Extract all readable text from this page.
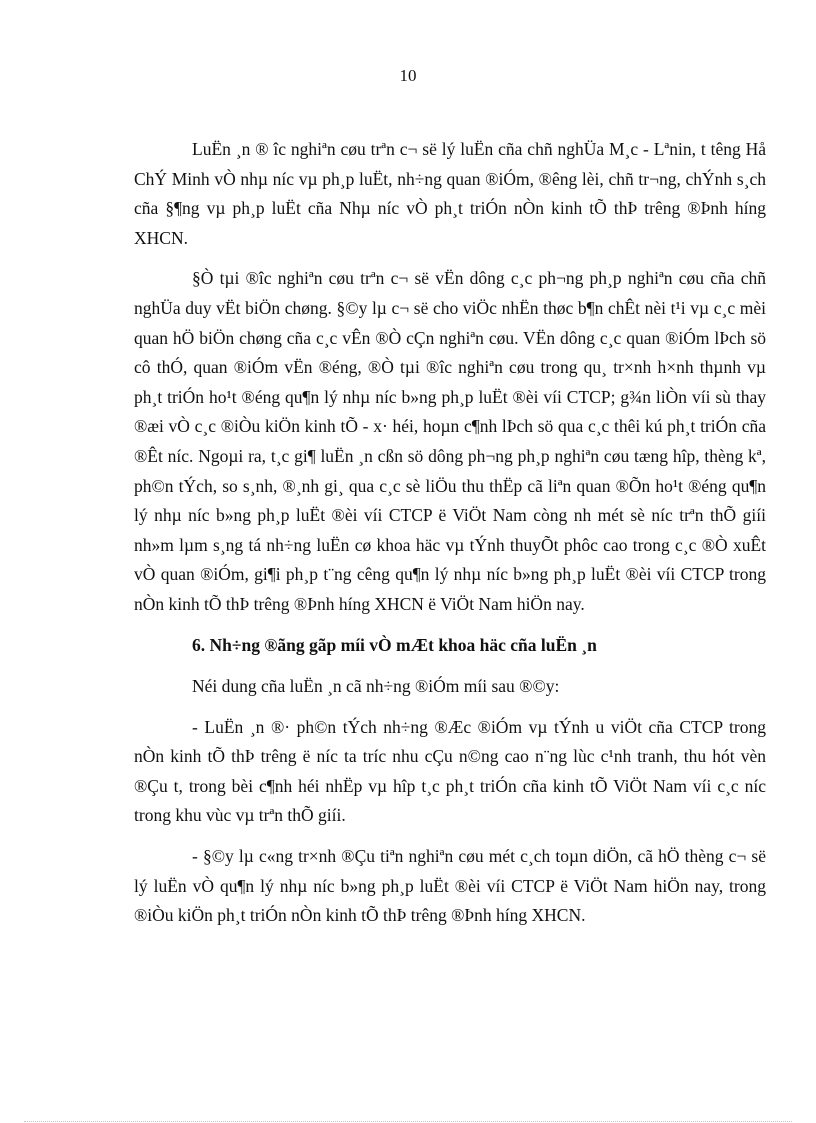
10

LuËn ¸n ® îc nghiªn cøu trªn c¬ së lý luËn cña chñ nghÜa M¸c - Lªnin, t têng Hå ChÝ Minh vÒ nhµ níc vµ ph¸p luËt, nh÷ng quan ®iÓm, ®êng lèi, chñ tr¬ng, chÝnh s¸ch cña §¶ng vµ ph¸p luËt cña Nhµ níc vÒ ph¸t triÓn nÒn kinh tÕ thÞ trêng ®Þnh híng XHCN.

§Ò tµi ®îc nghiªn cøu trªn c¬ së vËn dông c¸c ph¬ng ph¸p nghiªn cøu cña chñ nghÜa duy vËt biÖn chøng. §©y lµ c¬ së cho viÖc nhËn thøc b¶n chÊt nèi t¹i vµ c¸c mèi quan hÖ biÖn chøng cña c¸c vÊn ®Ò cÇn nghiªn cøu. VËn dông c¸c quan ®iÓm lÞch sö cô thÓ, quan ®iÓm vËn ®éng, ®Ò tµi ®îc nghiªn cøu trong qu¸ tr×nh h×nh thµnh vµ ph¸t triÓn ho¹t ®éng qu¶n lý nhµ níc b»ng ph¸p luËt ®èi víi CTCP; g¾n liÒn víi sù thay ®æi vÒ c¸c ®iÒu kiÖn kinh tÕ - x· héi, hoµn c¶nh lÞch sö qua c¸c thêi kú ph¸t triÓn cña ®Êt níc. Ngoµi ra, t¸c gi¶ luËn ¸n cßn sö dông ph¬ng ph¸p nghiªn cøu tæng hîp, thèng kª, ph©n tÝch, so s¸nh, ®¸nh gi¸ qua c¸c sè liÖu thu thËp cã liªn quan ®Õn ho¹t ®éng qu¶n lý nhµ níc b»ng ph¸p luËt ®èi víi CTCP ë ViÖt Nam còng nh mét sè níc trªn thÕ giíi nh»m lµm s¸ng tá nh÷ng luËn cø khoa häc vµ tÝnh thuyÕt phôc cao trong c¸c ®Ò xuÊt vÒ quan ®iÓm, gi¶i ph¸p t¨ng cêng qu¶n lý nhµ níc b»ng ph¸p luËt ®èi víi CTCP trong nÒn kinh tÕ thÞ trêng ®Þnh híng XHCN ë ViÖt Nam hiÖn nay.

6. Nh÷ng ®ãng gãp míi vÒ mÆt khoa häc cña luËn ¸n

Néi dung cña luËn ¸n cã nh÷ng ®iÓm míi sau ®©y:

- LuËn ¸n ®· ph©n tÝch nh÷ng ®Æc ®iÓm vµ tÝnh u viÖt cña CTCP trong nÒn kinh tÕ thÞ trêng ë níc ta tríc nhu cÇu n©ng cao n¨ng lùc c¹nh tranh, thu hót vèn ®Çu t, trong bèi c¶nh héi nhËp vµ hîp t¸c ph¸t triÓn cña kinh tÕ ViÖt Nam víi c¸c níc trong khu vùc vµ trªn thÕ giíi.

- §©y lµ c«ng tr×nh ®Çu tiªn nghiªn cøu mét c¸ch toµn diÖn, cã hÖ thèng c¬ së lý luËn vÒ qu¶n lý nhµ níc b»ng ph¸p luËt ®èi víi CTCP ë ViÖt Nam hiÖn nay, trong ®iÒu kiÖn ph¸t triÓn nÒn kinh tÕ thÞ trêng ®Þnh híng XHCN.
